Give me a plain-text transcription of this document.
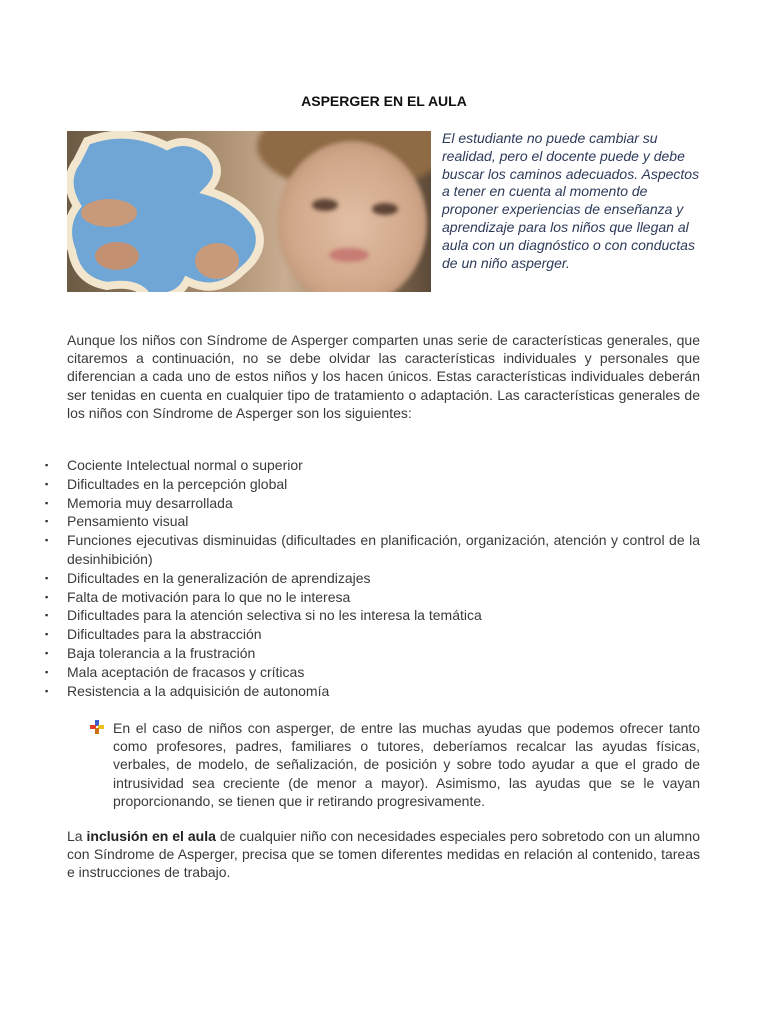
ASPERGER EN EL AULA

El estudiante no puede cambiar su realidad, pero el docente puede y debe buscar los caminos adecuados. Aspectos a tener en cuenta al momento de proponer experiencias de enseñanza y aprendizaje para los niños que llegan al aula con un diagnóstico o con conductas de un niño asperger.

Aunque los niños con Síndrome de Asperger comparten unas serie de características generales, que citaremos a continuación, no se debe olvidar las características individuales y personales que diferencian a cada uno de estos niños y los hacen únicos. Estas características individuales deberán ser tenidas en cuenta en cualquier tipo de tratamiento o adaptación. Las características generales de los niños con Síndrome de Asperger son los siguientes:

▪ Cociente Intelectual normal o superior
▪ Dificultades en la percepción global
▪ Memoria muy desarrollada
▪ Pensamiento visual
▪ Funciones ejecutivas disminuidas (dificultades en planificación, organización, atención y control de la desinhibición)
▪ Dificultades en la generalización de aprendizajes
▪ Falta de motivación para lo que no le interesa
▪ Dificultades para la atención selectiva si no les interesa la temática
▪ Dificultades para la abstracción
▪ Baja tolerancia a la frustración
▪ Mala aceptación de fracasos y críticas
▪ Resistencia a la adquisición de autonomía

En el caso de niños con asperger, de entre las muchas ayudas que podemos ofrecer tanto como profesores, padres, familiares o tutores, deberíamos recalcar las ayudas físicas, verbales, de modelo, de señalización, de posición y sobre todo ayudar a que el grado de intrusividad sea creciente (de menor a mayor). Asimismo, las ayudas que se le vayan proporcionando, se tienen que ir retirando progresivamente.

La inclusión en el aula de cualquier niño con necesidades especiales pero sobretodo con un alumno con Síndrome de Asperger, precisa que se tomen diferentes medidas en relación al contenido, tareas e instrucciones de trabajo.
